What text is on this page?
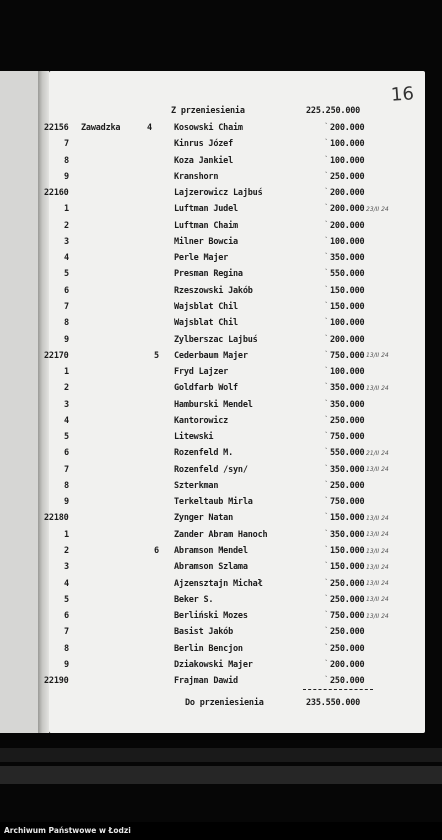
16
Z przeniesienia	225.250.000
22156 Zawadzka	4	Kosowski Chaim	200.000
ˋ
7	Kinrus Józef	100.000
ˋ
8	Koza Jankiel	100.000
ˋ
9	Kranshorn	250.000
ˋ
22160	Lajzerowicz Lajbuś	200.000
ˋ
1	Luftman Judel	200.000 23/II 24
ˋ
2	Luftman Chaim	200.000
ˋ
3	Milner Bowcia	100.000
ˋ
4	Perle Majer	350.000
ˋ
5	Presman Regina	550.000
ˋ
6	Rzeszowski Jakób	150.000
ˋ
7	Wajsblat Chil	150.000
ˋ
8	Wajsblat Chil	100.000
ˋ
9	Zylberszac Lajbuś	200.000
ˋ
22170	5 Cederbaum Majer	750.000 13/II 24
ˋ
1	Fryd Lajzer	100.000
ˋ
2	Goldfarb Wolf	350.000 13/II 24
ˋ
3	Hamburski Mendel	350.000
ˋ
4	Kantorowicz	250.000
ˋ
5	Litewski	750.000
ˋ
6	Rozenfeld M.	550.000 21/II 24
ˋ
7	Rozenfeld /syn/	350.000 13/II 24
ˋ
8	Szterkman	250.000
ˋ
9	Terkeltaub Mirla	750.000
ˋ
22180	Zynger Natan	150.000 13/II 24
ˋ
1	Zander Abram Hanoch	350.000 13/II 24
ˋ
2	6 Abramson Mendel	150.000 13/II 24
ˋ
3	Abramson Szlama	150.000 13/II 24
ˋ
4	Ajzensztajn Michał	250.000 13/II 24
ˋ
5	Beker S.	250.000 13/II 24
ˋ
6	Berliński Mozes	750.000 13/II 24
ˋ
7	Basist Jakób	250.000
ˋ
8	Berlin Bencjon	250.000
ˋ
9	Dziakowski Majer	200.000
ˋ
22190	Frajman Dawid	250.000
ˋ
Do przeniesienia	235.550.000
Archiwum Państwowe w Łodzi
